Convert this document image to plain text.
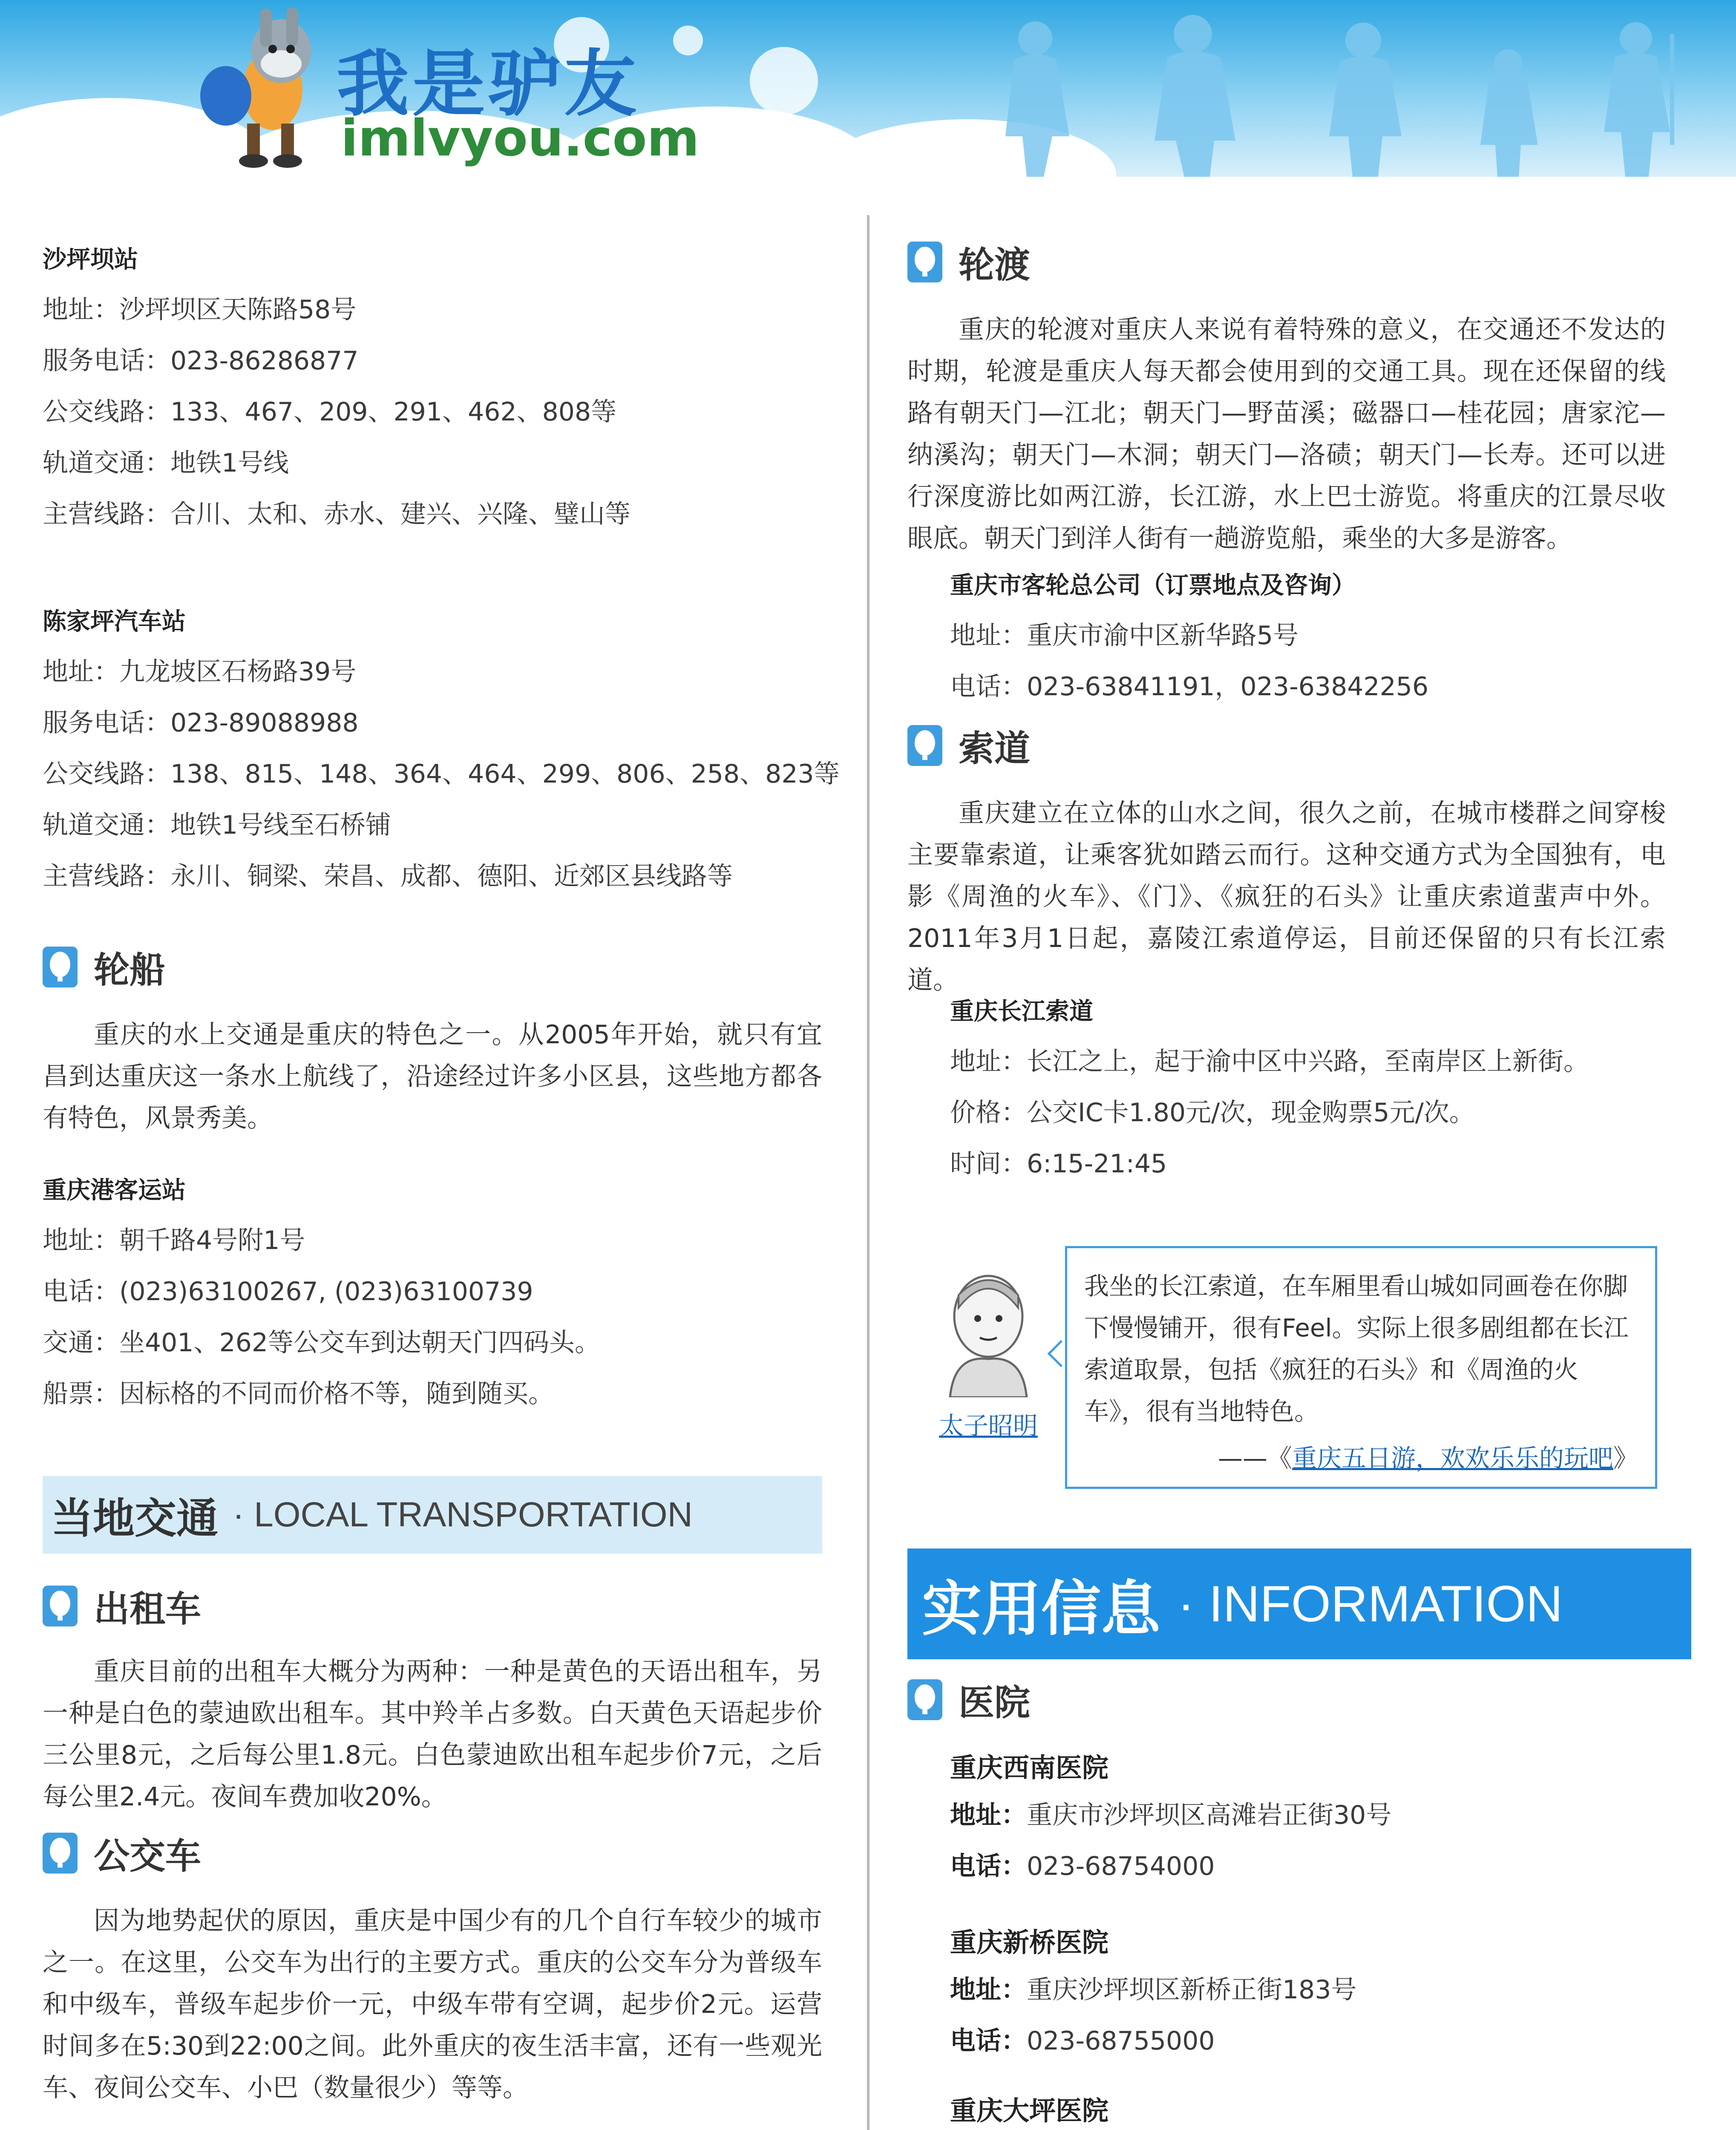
我是驴友
imlvyou.com
沙坪坝站
地址：沙坪坝区天陈路58号
服务电话：023-86286877
公交线路：133、467、209、291、462、808等
轨道交通：地铁1号线
主营线路：合川、太和、赤水、建兴、兴隆、璧山等
陈家坪汽车站
地址：九龙坡区石杨路39号
服务电话：023-89088988
公交线路：138、815、148、364、464、299、806、258、823等
轨道交通：地铁1号线至石桥铺
主营线路：永川、铜梁、荣昌、成都、德阳、近郊区县线路等
轮船

重庆的水上交通是重庆的特色之一。从2005年开始，就只有宜昌到达重庆这一条水上航线了，沿途经过许多小区县，这些地方都各有特色，风景秀美。

重庆港客运站
地址：朝千路4号附1号
电话：(023)63100267, (023)63100739
交通：坐401、262等公交车到达朝天门四码头。
船票：因标格的不同而价格不等，随到随买。
当地交通 · LOCAL TRANSPORTATION
出租车

重庆目前的出租车大概分为两种：一种是黄色的天语出租车，另一种是白色的蒙迪欧出租车。其中羚羊占多数。白天黄色天语起步价三公里8元，之后每公里1.8元。白色蒙迪欧出租车起步价7元，之后每公里2.4元。夜间车费加收20%。

公交车

因为地势起伏的原因，重庆是中国少有的几个自行车较少的城市之一。在这里，公交车为出行的主要方式。重庆的公交车分为普级车和中级车，普级车起步价一元，中级车带有空调，起步价2元。运营时间多在5:30到22:00之间。此外重庆的夜生活丰富，还有一些观光车、夜间公交车、小巴（数量很少）等等。

轮渡

重庆的轮渡对重庆人来说有着特殊的意义，在交通还不发达的时期，轮渡是重庆人每天都会使用到的交通工具。现在还保留的线路有朝天门—江北；朝天门—野苗溪；磁器口—桂花园；唐家沱—纳溪沟；朝天门—木洞；朝天门—洛碛；朝天门—长寿。还可以进行深度游比如两江游，长江游，水上巴士游览。将重庆的江景尽收眼底。朝天门到洋人街有一趟游览船，乘坐的大多是游客。

重庆市客轮总公司（订票地点及咨询）
地址：重庆市渝中区新华路5号
电话：023-63841191，023-63842256
索道

重庆建立在立体的山水之间，很久之前，在城市楼群之间穿梭主要靠索道，让乘客犹如踏云而行。这种交通方式为全国独有，电影《周渔的火车》、《门》、《疯狂的石头》让重庆索道蜚声中外。2011年3月1日起，嘉陵江索道停运，目前还保留的只有长江索道。

重庆长江索道
地址：长江之上，起于渝中区中兴路，至南岸区上新街。
价格：公交IC卡1.80元/次，现金购票5元/次。
时间：6:15-21:45
太子昭明

我坐的长江索道，在车厢里看山城如同画卷在你脚下慢慢铺开，很有Feel。实际上很多剧组都在长江索道取景，包括《疯狂的石头》和《周渔的火车》，很有当地特色。

——《重庆五日游，欢欢乐乐的玩吧》
实用信息 · INFORMATION
医院
重庆西南医院
地址：重庆市沙坪坝区高滩岩正街30号
电话：023-68754000
重庆新桥医院
地址：重庆沙坪坝区新桥正街183号
电话：023-68755000
重庆大坪医院
